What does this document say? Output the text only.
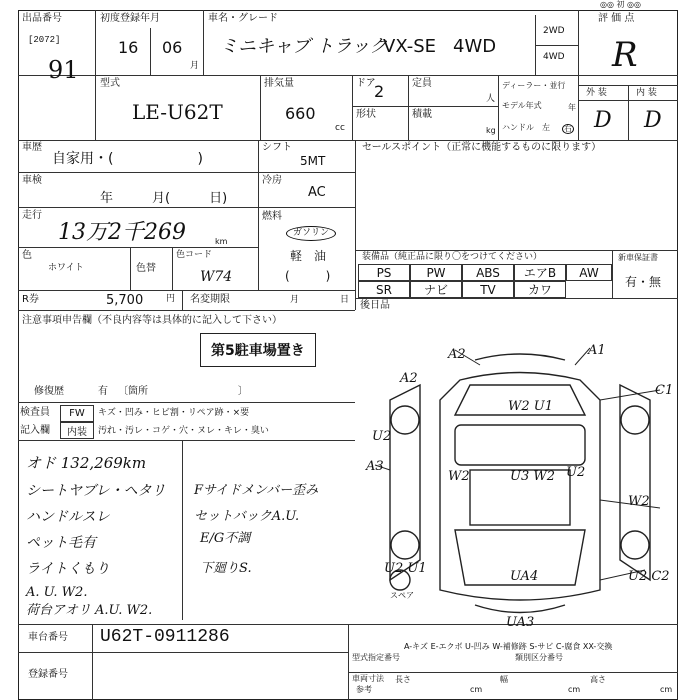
出品番号
[2072]
91
初度登録年月
16 06
月
車名・グレード
ミニキャブ トラック
VX-SE 4WD
2WD
4WD
評 価 点
◎◎ 初 ◎◎
R
外 装	内 装
D D
型式
LE-U62T
排気量
660
cc
ドア
2	定員
人
形状	積載
kg
ディーラー・並行
モデル年式	年
ハンドル 左 右
車歴
自家用・(　　　　　　)
シフト
5MT
車検
年　　　月(　　　日)
冷房
AC
走行
13万2千269	km
燃料
ガソリン
軽　油
(　　　)
色
ホワイト	色替
色コード
W74
R券	5,700	円 名変期限	月	日
セールスポイント（正常に機能するものに限ります）
装備品（純正品に限り〇をつけてください）	新車保証書
有・無
PS	PW	ABS	エアB	AW
SR	ナビ	TV	カワ
後日品
注意事項申告欄（不良内容等は具体的に記入して下さい）
第5駐車場置き
修復歴	有 〔箇所　　　　　　　　　〕
検査員
記入欄
FW
内装
キズ・凹み・ヒビ割・リペア跡・×要
汚れ・汚レ・コゲ・穴・ヌレ・キレ・臭い
オド 132,269km
シートヤブレ・ヘタリ
ハンドルスレ
ペット毛有
ライトくもり
A. U. W2.
荷台アオリ A.U. W2.
Fサイドメンバー歪み
セットバックA.U.
E/G不調
下廻りS.
車台番号 U62T-0911286
登録番号
型式指定番号	類別区分番号
車両寸法
参考
長さ
cm
幅
cm
高さ
cm
A2	A1
A2
C1
W2 U1
U2
A3
W2	U3 W2 U2
W2
UA4	U2 C2
U2 U1
UA3
スペア
A-キズ E-エクボ U-凹み W-補修跡 S-サビ C-腐食 XX-交換
